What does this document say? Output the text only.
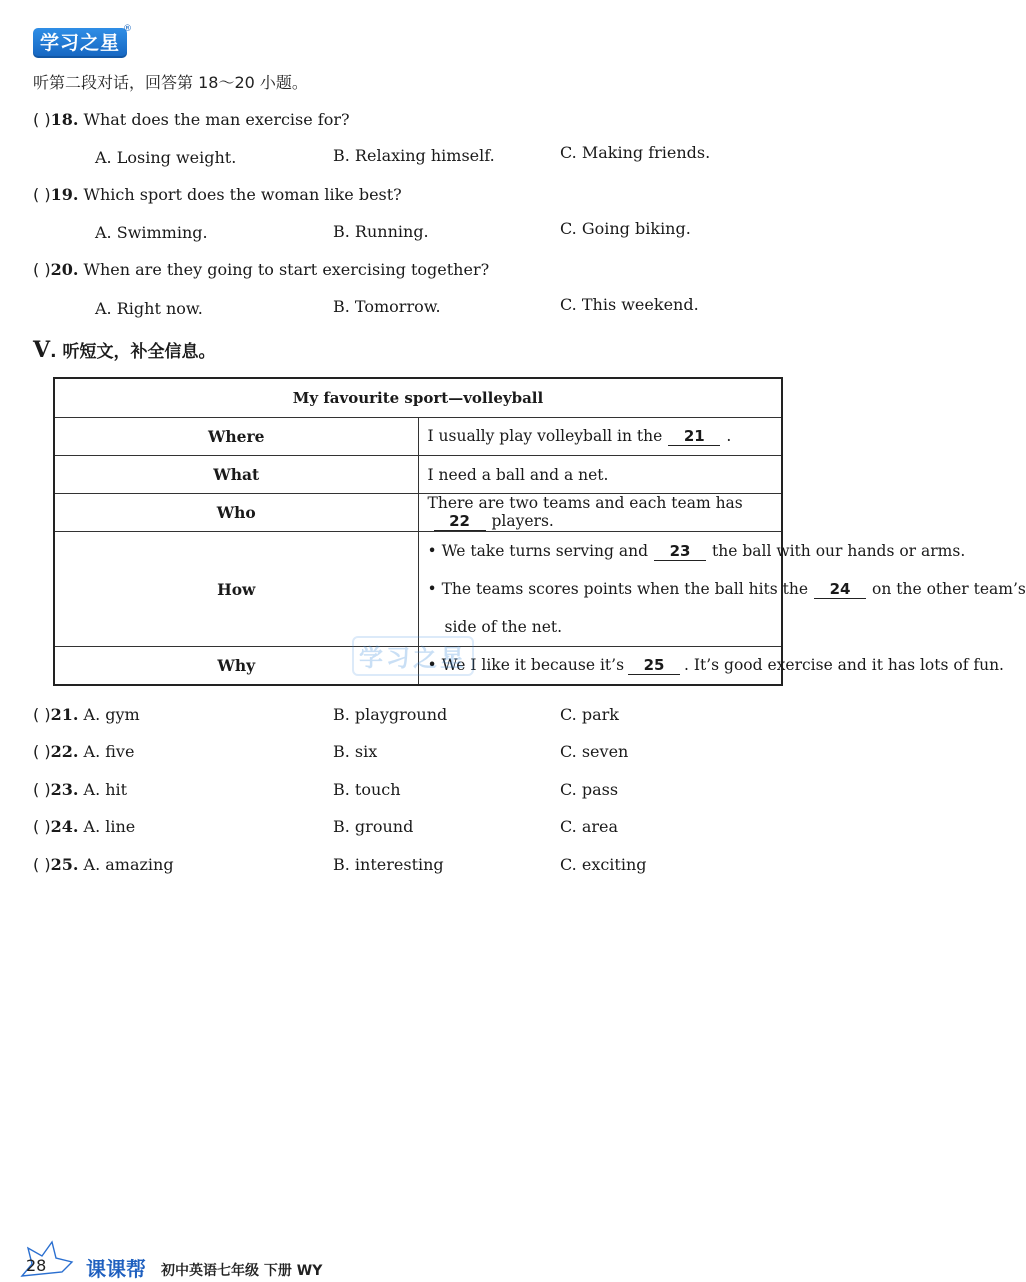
学习之星
®
听第二段对话，回答第 18～20 小题。
( )18. What does the man exercise for?
A. Losing weight.	B. Relaxing himself.	C. Making friends.
( )19. Which sport does the woman like best?
A. Swimming.	B. Running.	C. Going biking.
( )20. When are they going to start exercising together?
A. Right now.	B. Tomorrow.	C. This weekend.
V. 听短文，补全信息。
My favourite sport—volleyball	
Where	I usually play volleyball in the 21 .
What	I need a ball and a net.
Who	There are two teams and each team has22 players.
How	• We take turns serving and 23 the ball with our hands or arms.
• The teams scores points when the ball hits the 24 on the other team’s
side of the net.

Why	• We I like it because it’s 25 . It’s good exercise and it has lots of fun.
学习之星
( )21. A. gym	B. playground	C. park
( )22. A. five	B. six	C. seven
( )23. A. hit	B. touch	C. pass
( )24. A. line	B. ground	C. area
( )25. A. amazing	B. interesting	C. exciting
28 课课帮 初中英语七年级 下册 WY
